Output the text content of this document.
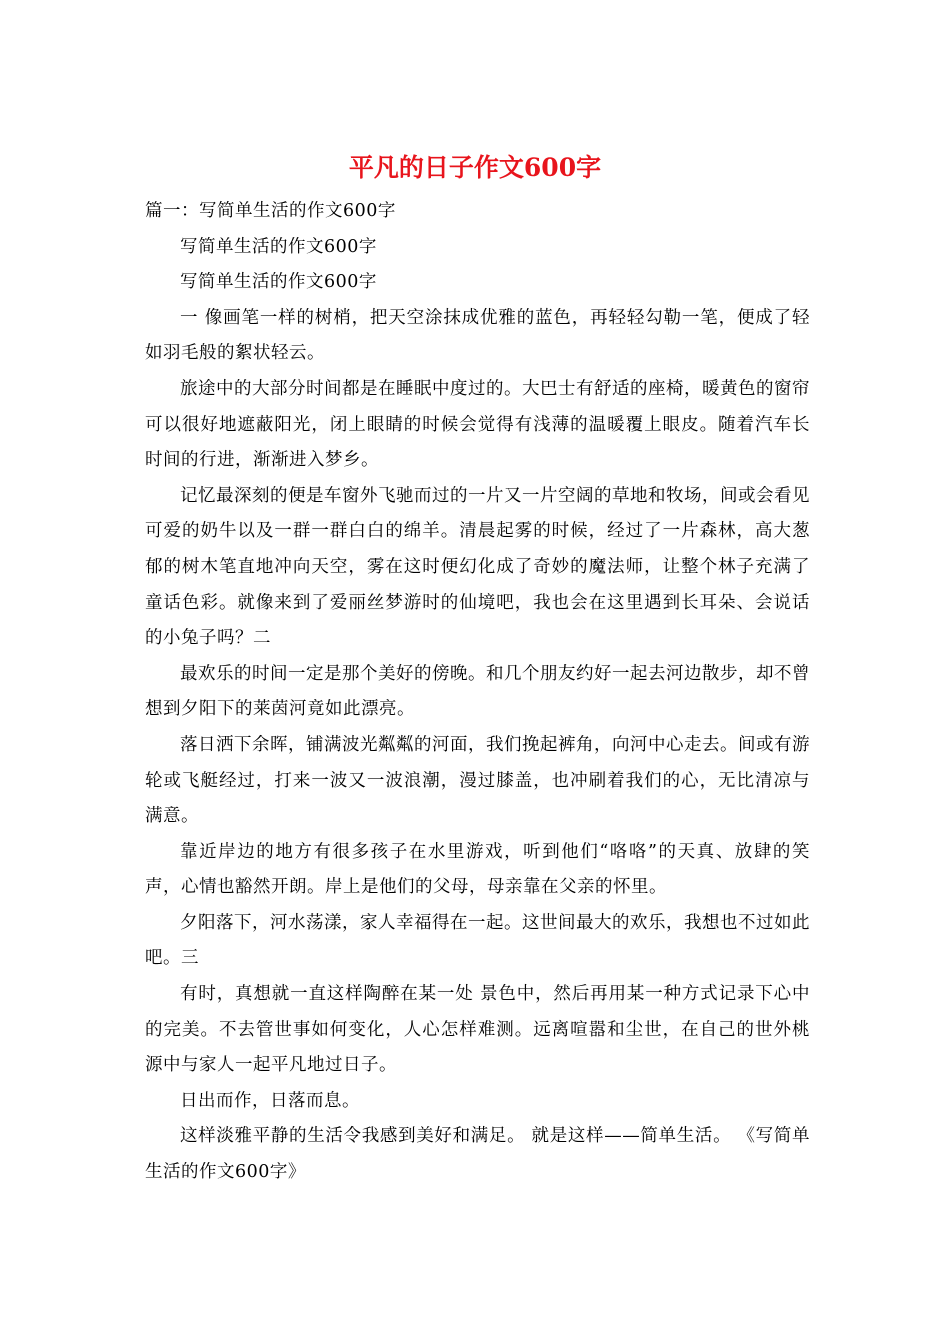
平凡的日子作文600字

篇一：写简单生活的作文600字

写简单生活的作文600字

写简单生活的作文600字

一 像画笔一样的树梢，把天空涂抹成优雅的蓝色，再轻轻勾勒一笔，便成了轻如羽毛般的絮状轻云。

旅途中的大部分时间都是在睡眠中度过的。大巴士有舒适的座椅，暖黄色的窗帘可以很好地遮蔽阳光，闭上眼睛的时候会觉得有浅薄的温暖覆上眼皮。随着汽车长时间的行进，渐渐进入梦乡。

记忆最深刻的便是车窗外飞驰而过的一片又一片空阔的草地和牧场，间或会看见可爱的奶牛以及一群一群白白的绵羊。清晨起雾的时候，经过了一片森林，高大葱郁的树木笔直地冲向天空，雾在这时便幻化成了奇妙的魔法师，让整个林子充满了童话色彩。就像来到了爱丽丝梦游时的仙境吧，我也会在这里遇到长耳朵、会说话的小兔子吗？二

最欢乐的时间一定是那个美好的傍晚。和几个朋友约好一起去河边散步，却不曾想到夕阳下的莱茵河竟如此漂亮。

落日洒下余晖，铺满波光粼粼的河面，我们挽起裤角，向河中心走去。间或有游轮或飞艇经过，打来一波又一波浪潮，漫过膝盖，也冲刷着我们的心，无比清凉与满意。

靠近岸边的地方有很多孩子在水里游戏，听到他们“咯咯”的天真、放肆的笑声，心情也豁然开朗。岸上是他们的父母，母亲靠在父亲的怀里。

夕阳落下，河水荡漾，家人幸福得在一起。这世间最大的欢乐，我想也不过如此吧。三

有时，真想就一直这样陶醉在某一处 景色中，然后再用某一种方式记录下心中的完美。不去管世事如何变化，人心怎样难测。远离喧嚣和尘世，在自己的世外桃源中与家人一起平凡地过日子。

日出而作，日落而息。

这样淡雅平静的生活令我感到美好和满足。 就是这样——简单生活。 《写简单生活的作文600字》
